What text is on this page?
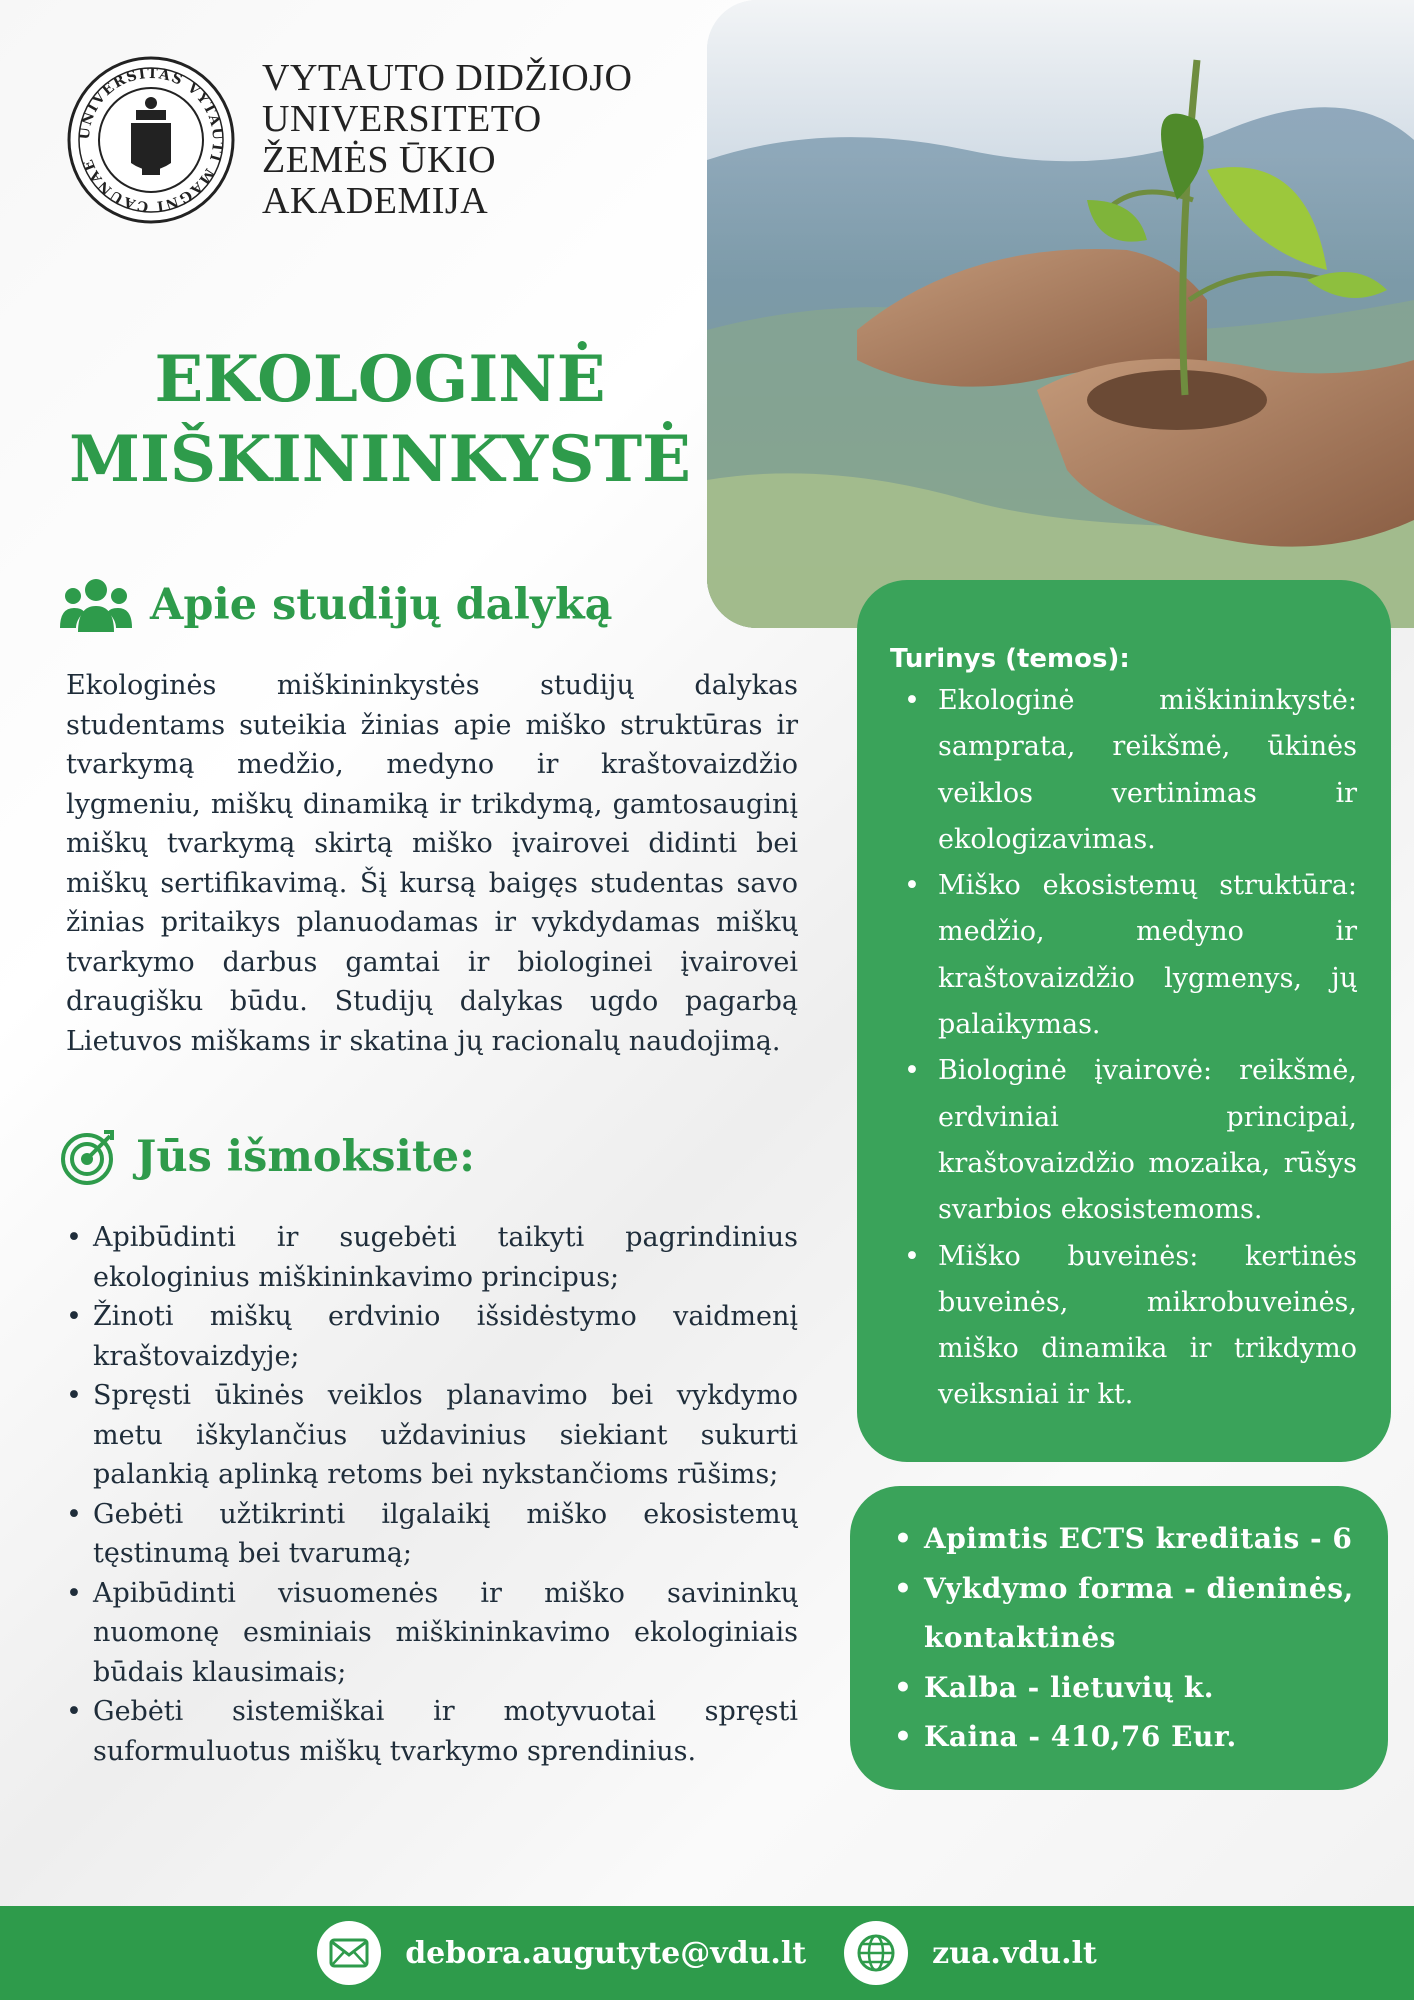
UNIVERSITAS VYTAUTI MAGNI CAUNAE
VYTAUTO DIDŽIOJO
UNIVERSITETO
ŽEMĖS ŪKIO
AKADEMIJA
EKOLOGINĖ
MIŠKININKYSTĖ
Apie studijų dalyką

Ekologinės miškininkystės studijų dalykas studentams suteikia žinias apie miško struktūras ir tvarkymą medžio, medyno ir kraštovaizdžio lygmeniu, miškų dinamiką ir trikdymą, gamtosauginį miškų tvarkymą skirtą miško įvairovei didinti bei miškų sertifikavimą. Šį kursą baigęs studentas savo žinias pritaikys planuodamas ir vykdydamas miškų tvarkymo darbus gamtai ir biologinei įvairovei draugišku būdu. Studijų dalykas ugdo pagarbą Lietuvos miškams ir skatina jų racionalų naudojimą.

Jūs išmoksite:
• Apibūdinti ir sugebėti taikyti pagrindinius ekologinius miškininkavimo principus;
• Žinoti miškų erdvinio išsidėstymo vaidmenį kraštovaizdyje;
• Spręsti ūkinės veiklos planavimo bei vykdymo metu iškylančius uždavinius siekiant sukurti palankią aplinką retoms bei nykstančioms rūšims;
• Gebėti užtikrinti ilgalaikį miško ekosistemų tęstinumą bei tvarumą;
• Apibūdinti visuomenės ir miško savininkų nuomonę esminiais miškininkavimo ekologiniais būdais klausimais;
• Gebėti sistemiškai ir motyvuotai spręsti suformuluotus miškų tvarkymo sprendinius.
Turinys (temos):
• Ekologinė miškininkystė: samprata, reikšmė, ūkinės veiklos vertinimas ir ekologizavimas.
• Miško ekosistemų struktūra: medžio, medyno ir kraštovaizdžio lygmenys, jų palaikymas.
• Biologinė įvairovė: reikšmė, erdviniai principai, kraštovaizdžio mozaika, rūšys svarbios ekosistemoms.
• Miško buveinės: kertinės buveinės, mikrobuveinės, miško dinamika ir trikdymo veiksniai ir kt.
• Apimtis ECTS kreditais - 6
• Vykdymo forma - dieninės, kontaktinės
• Kalba - lietuvių k.
• Kaina - 410,76 Eur.
debora.augutyte@vdu.lt	zua.vdu.lt
